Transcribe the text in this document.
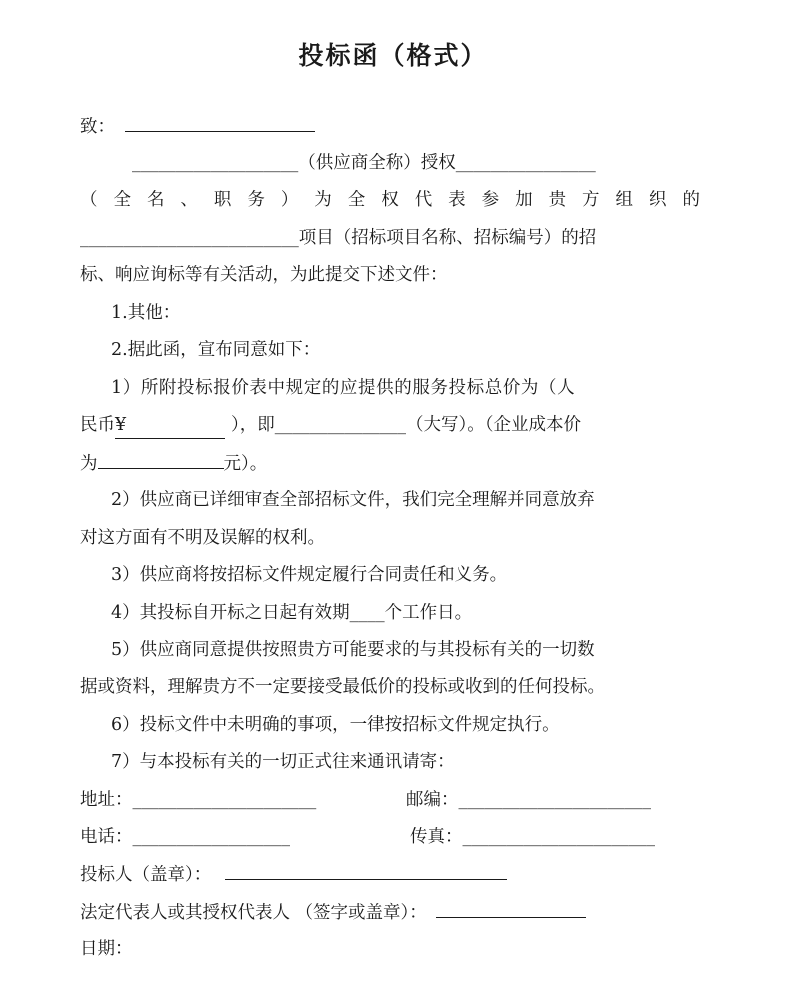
投标函（格式）
致：
___________________（供应商全称）授权________________
（ 全 名 、 职 务 ） 为 全 权 代 表 参 加 贵 方 组 织 的
_________________________项目（招标项目名称、招标编号）的招
标、响应询标等有关活动，为此提交下述文件：
1.其他：
2.据此函，宣布同意如下：
1）所附投标报价表中规定的应提供的服务投标总价为（人
民币¥	），即_______________（大写）。（企业成本价
为	元）。
2）供应商已详细审查全部招标文件，我们完全理解并同意放弃
对这方面有不明及误解的权利。
3）供应商将按招标文件规定履行合同责任和义务。
4）其投标自开标之日起有效期____个工作日。
5）供应商同意提供按照贵方可能要求的与其投标有关的一切数
据或资料，理解贵方不一定要接受最低价的投标或收到的任何投标。
6）投标文件中未明确的事项，一律按招标文件规定执行。
7）与本投标有关的一切正式往来通讯请寄：
地址：_____________________	邮编：______________________
电话：__________________	传真：______________________
投标人（盖章）：
法定代表人或其授权代表人 （签字或盖章）：
日期：
